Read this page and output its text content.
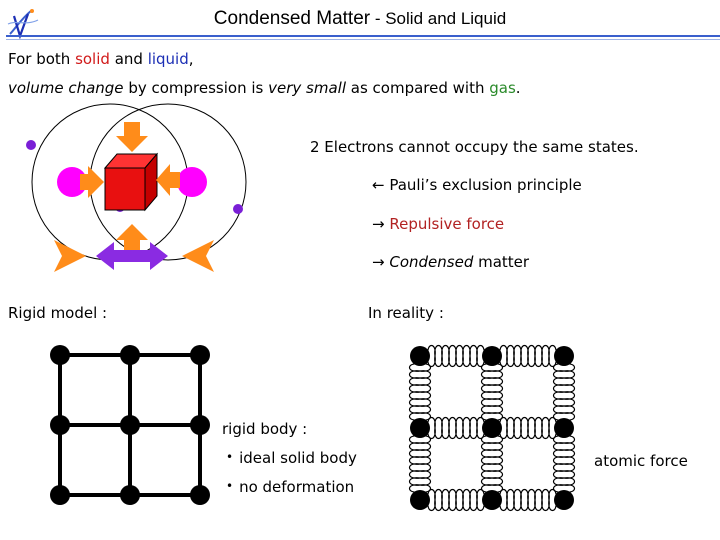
Condensed Matter - Solid and Liquid
For both solid and liquid,
volume change by compression is very small as compared with gas.
2 Electrons cannot occupy the same states.
← Pauli’s exclusion principle
→ Repulsive force
→ Condensed matter
Rigid model :	In reality :
rigid body :
• ideal solid body
• no deformation
atomic force
